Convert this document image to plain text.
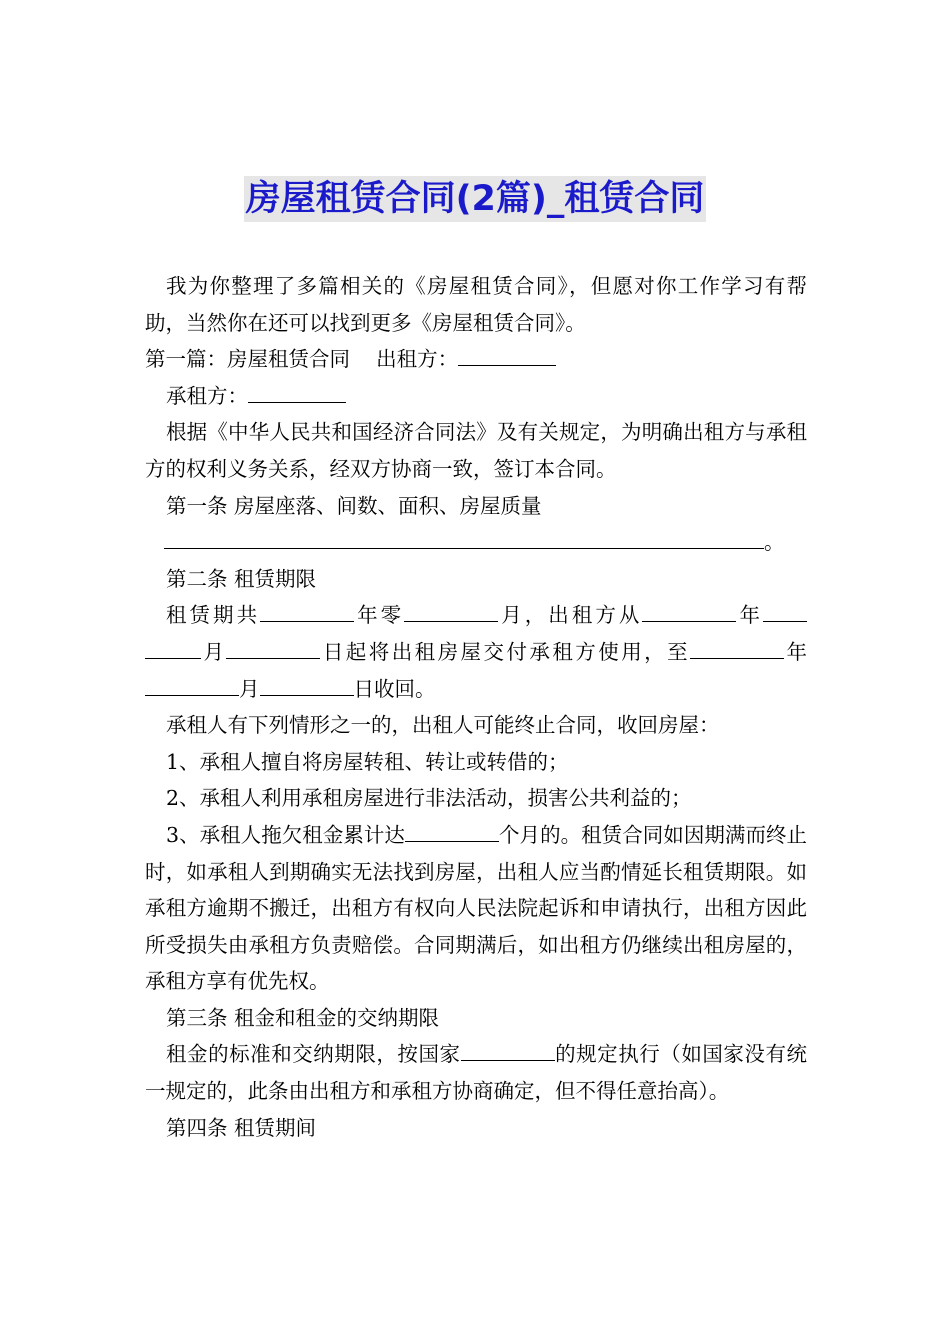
房屋租赁合同(2篇)_租赁合同

我为你整理了多篇相关的《房屋租赁合同》，但愿对你工作学习有帮助，当然你在还可以找到更多《房屋租赁合同》。

第一篇：房屋租赁合同 出租方：

承租方：

根据《中华人民共和国经济合同法》及有关规定，为明确出租方与承租方的权利义务关系，经双方协商一致，签订本合同。

第一条 房屋座落、间数、面积、房屋质量

。

第二条 租赁期限

租赁期共	年零	月，出租方从	年月	日起将出租房屋交付承租方使用，至	年月	日收回。

承租人有下列情形之一的，出租人可能终止合同，收回房屋：

1、承租人擅自将房屋转租、转让或转借的；

2、承租人利用承租房屋进行非法活动，损害公共利益的；

3、承租人拖欠租金累计达	个月的。租赁合同如因期满而终止时，如承租人到期确实无法找到房屋，出租人应当酌情延长租赁期限。如承租方逾期不搬迁，出租方有权向人民法院起诉和申请执行，出租方因此所受损失由承租方负责赔偿。合同期满后，如出租方仍继续出租房屋的，承租方享有优先权。

第三条 租金和租金的交纳期限

租金的标准和交纳期限，按国家	的规定执行（如国家没有统一规定的，此条由出租方和承租方协商确定，但不得任意抬高）。

第四条 租赁期间
